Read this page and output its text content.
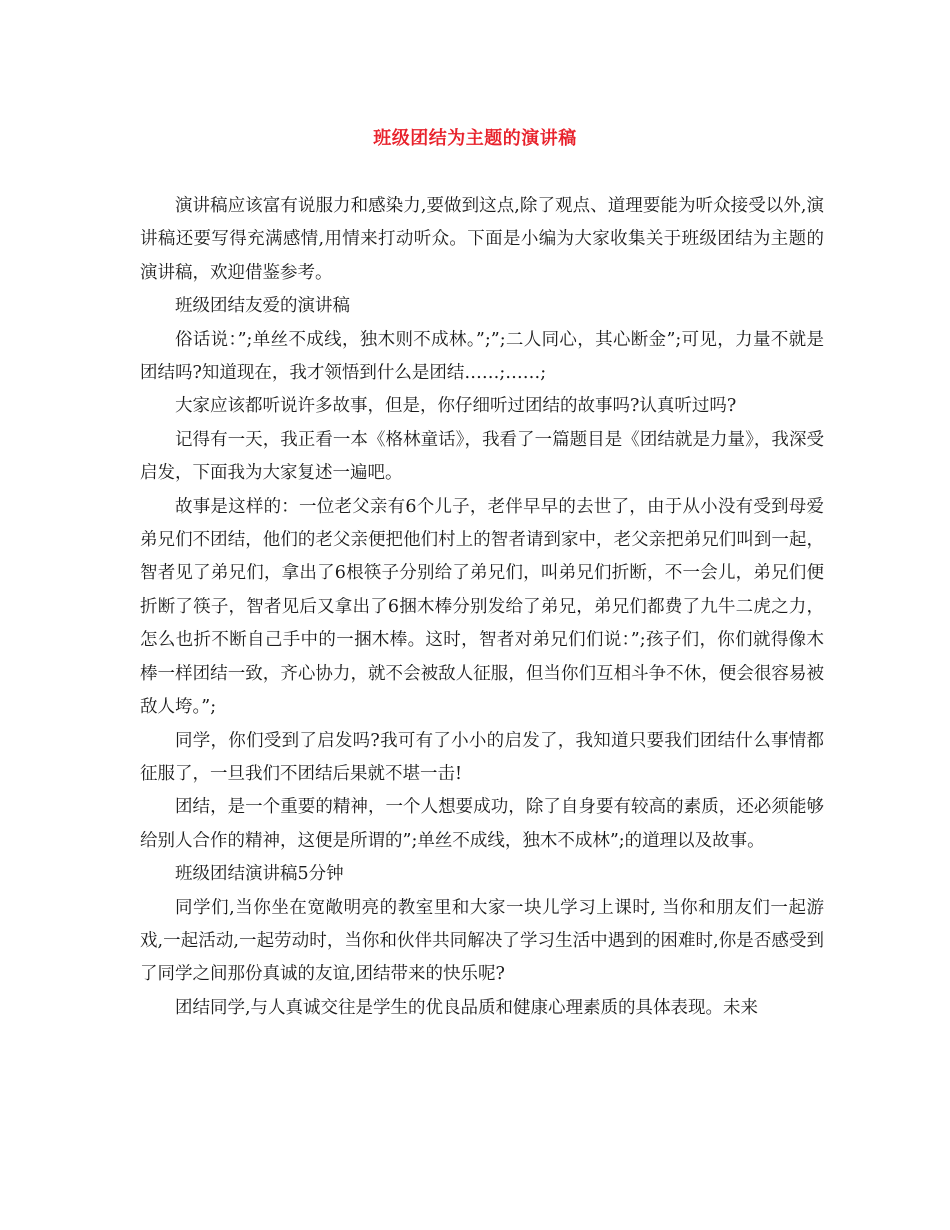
班级团结为主题的演讲稿

演讲稿应该富有说服力和感染力,要做到这点,除了观点、道理要能为听众接受以外,演讲稿还要写得充满感情,用情来打动听众。下面是小编为大家收集关于班级团结为主题的演讲稿，欢迎借鉴参考。

班级团结友爱的演讲稿

俗话说：”;单丝不成线，独木则不成林。”;”;二人同心，其心断金”;可见，力量不就是团结吗?知道现在，我才领悟到什么是团结……;……;

大家应该都听说许多故事，但是，你仔细听过团结的故事吗?认真听过吗?

记得有一天，我正看一本《格林童话》，我看了一篇题目是《团结就是力量》，我深受启发，下面我为大家复述一遍吧。

故事是这样的：一位老父亲有6个儿子，老伴早早的去世了，由于从小没有受到母爱弟兄们不团结，他们的老父亲便把他们村上的智者请到家中，老父亲把弟兄们叫到一起，智者见了弟兄们，拿出了6根筷子分别给了弟兄们，叫弟兄们折断，不一会儿，弟兄们便折断了筷子，智者见后又拿出了6捆木棒分别发给了弟兄，弟兄们都费了九牛二虎之力，怎么也折不断自己手中的一捆木棒。这时，智者对弟兄们们说：”;孩子们，你们就得像木棒一样团结一致，齐心协力，就不会被敌人征服，但当你们互相斗争不休，便会很容易被敌人垮。”;

同学，你们受到了启发吗?我可有了小小的启发了，我知道只要我们团结什么事情都征服了，一旦我们不团结后果就不堪一击!

团结，是一个重要的精神，一个人想要成功，除了自身要有较高的素质，还必须能够给别人合作的精神，这便是所谓的”;单丝不成线，独木不成林”;的道理以及故事。

班级团结演讲稿5分钟

同学们,当你坐在宽敞明亮的教室里和大家一块儿学习上课时, 当你和朋友们一起游戏,一起活动,一起劳动时，当你和伙伴共同解决了学习生活中遇到的困难时,你是否感受到了同学之间那份真诚的友谊,团结带来的快乐呢?

团结同学,与人真诚交往是学生的优良品质和健康心理素质的具体表现。未来
